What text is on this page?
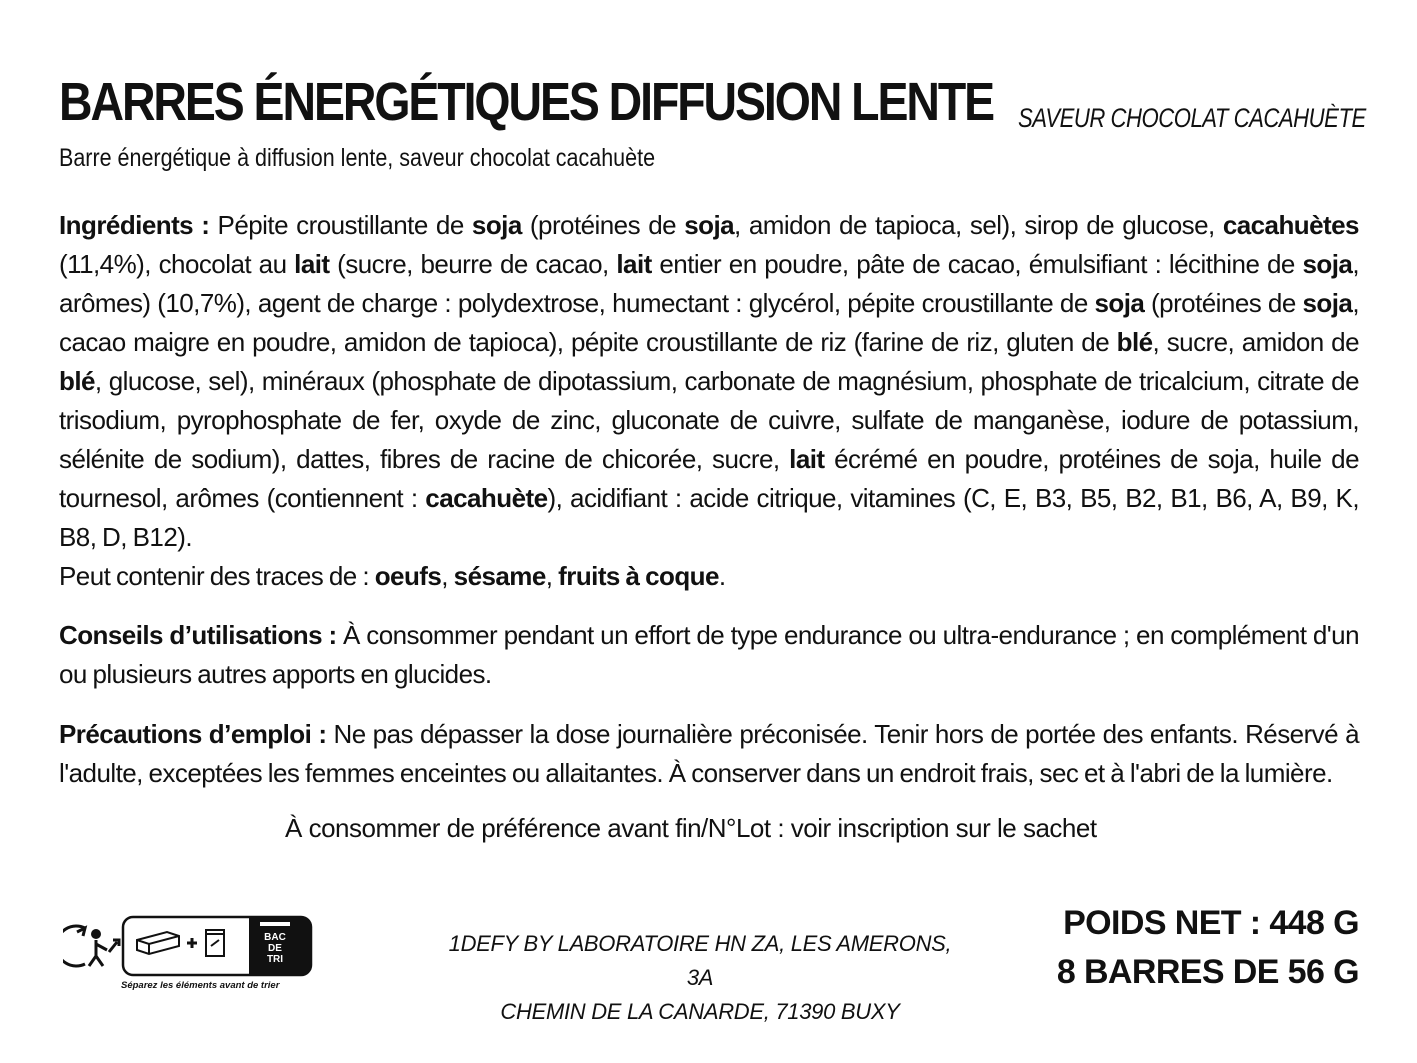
BARRES ÉNERGÉTIQUES DIFFUSION LENTE SAVEUR CHOCOLAT CACAHUÈTE
Barre énergétique à diffusion lente, saveur chocolat cacahuète
Ingrédients : Pépite croustillante de soja (protéines de soja, amidon de tapioca, sel), sirop de glucose, cacahuètes (11,4%), chocolat au lait (sucre, beurre de cacao, lait entier en poudre, pâte de cacao, émulsifiant : lécithine de soja, arômes) (10,7%), agent de charge : polydextrose, humectant : glycérol, pépite croustillante de soja (protéines de soja, cacao maigre en poudre, amidon de tapioca), pépite croustillante de riz (farine de riz, gluten de blé, sucre, amidon de blé, glucose, sel), minéraux (phosphate de dipotassium, carbonate de magnésium, phosphate de tricalcium, citrate de trisodium, pyrophosphate de fer, oxyde de zinc, gluconate de cuivre, sulfate de manganèse, iodure de potassium, sélénite de sodium), dattes, fibres de racine de chicorée, sucre, lait écrémé en poudre, protéines de soja, huile de tournesol, arômes (contiennent : cacahuète), acidifiant : acide citrique, vitamines (C, E, B3, B5, B2, B1, B6, A, B9, K, B8, D, B12).
Peut contenir des traces de : oeufs, sésame, fruits à coque.
Conseils d’utilisations : À consommer pendant un effort de type endurance ou ultra-endurance ; en complément d'un ou plusieurs autres apports en glucides.
Précautions d’emploi : Ne pas dépasser la dose journalière préconisée. Tenir hors de portée des enfants. Réservé à l'adulte, exceptées les femmes enceintes ou allaitantes. À conserver dans un endroit frais, sec et à l'abri de la lumière.
À consommer de préférence avant fin/N°Lot : voir inscription sur le sachet
BAC
DE
TRI
Séparez les éléments avant de trier
1DEFY BY LABORATOIRE HN ZA, LES AMERONS, 3A
CHEMIN DE LA CANARDE, 71390 BUXY
POIDS NET : 448 G
8 BARRES DE 56 G
